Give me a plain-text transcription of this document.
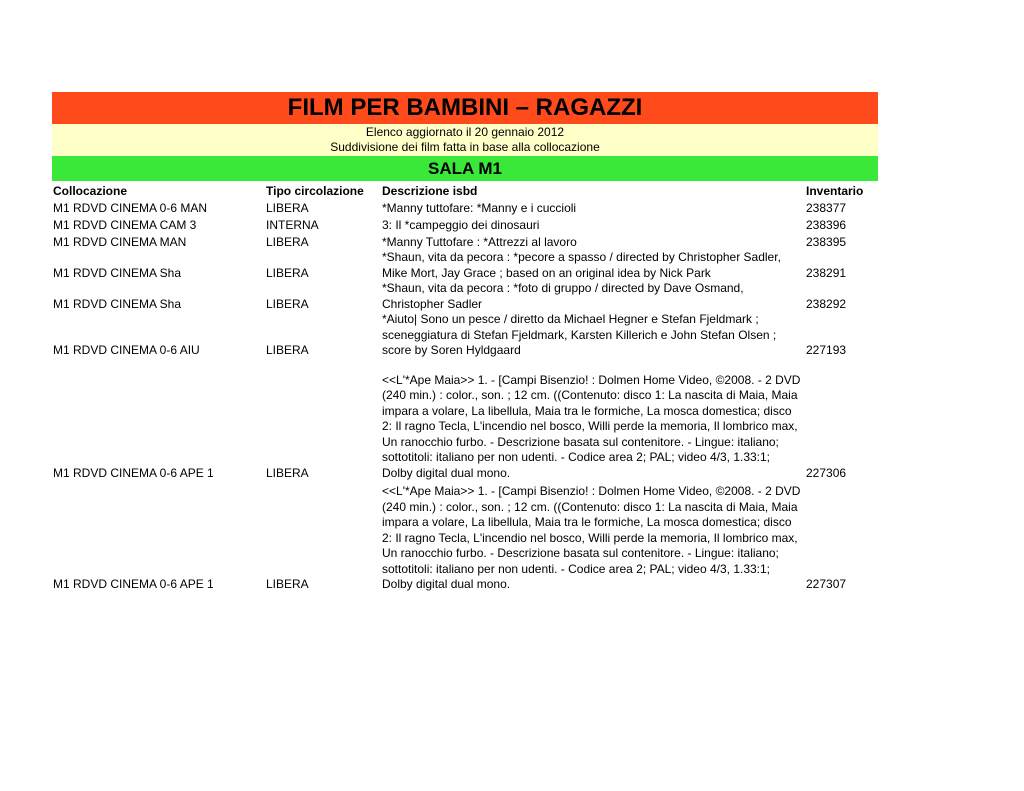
FILM PER BAMBINI – RAGAZZI
Elenco aggiornato il 20 gennaio 2012
Suddivisione dei film fatta in base alla collocazione
SALA M1
Collocazione	Tipo circolazione	Descrizione isbd	Inventario
M1 RDVD CINEMA 0-6 MAN	LIBERA	*Manny tuttofare: *Manny e i cuccioli	238377
M1 RDVD CINEMA CAM 3	INTERNA	3: Il *campeggio dei dinosauri	238396
M1 RDVD CINEMA MAN	LIBERA	*Manny Tuttofare : *Attrezzi al lavoro	238395
M1 RDVD CINEMA Sha	LIBERA	*Shaun, vita da pecora : *pecore a spasso / directed by Christopher Sadler, Mike Mort, Jay Grace ; based on an original idea by Nick Park	238291
M1 RDVD CINEMA Sha	LIBERA	*Shaun, vita da pecora : *foto di gruppo / directed by Dave Osmand, Christopher Sadler	238292
M1 RDVD CINEMA 0-6 AIU	LIBERA	*Aiuto| Sono un pesce / diretto da Michael Hegner e Stefan Fjeldmark ; sceneggiatura di Stefan Fjeldmark, Karsten Killerich e John Stefan Olsen ; score by Soren Hyldgaard	227193
M1 RDVD CINEMA 0-6 APE 1	LIBERA	<<L'*Ape Maia>> 1. - [Campi Bisenzio! : Dolmen Home Video, ©2008. - 2 DVD (240 min.) : color., son. ; 12 cm. ((Contenuto: disco 1: La nascita di Maia, Maia impara a volare, La libellula, Maia tra le formiche, La mosca domestica; disco 2: Il ragno Tecla, L'incendio nel bosco, Willi perde la memoria, Il lombrico max, Un ranocchio furbo. - Descrizione basata sul contenitore. - Lingue: italiano; sottotitoli: italiano per non udenti. - Codice area 2; PAL; video 4/3, 1.33:1; Dolby digital dual mono.	227306
M1 RDVD CINEMA 0-6 APE 1	LIBERA	<<L'*Ape Maia>> 1. - [Campi Bisenzio! : Dolmen Home Video, ©2008. - 2 DVD (240 min.) : color., son. ; 12 cm. ((Contenuto: disco 1: La nascita di Maia, Maia impara a volare, La libellula, Maia tra le formiche, La mosca domestica; disco 2: Il ragno Tecla, L'incendio nel bosco, Willi perde la memoria, Il lombrico max, Un ranocchio furbo. - Descrizione basata sul contenitore. - Lingue: italiano; sottotitoli: italiano per non udenti. - Codice area 2; PAL; video 4/3, 1.33:1; Dolby digital dual mono.	227307
